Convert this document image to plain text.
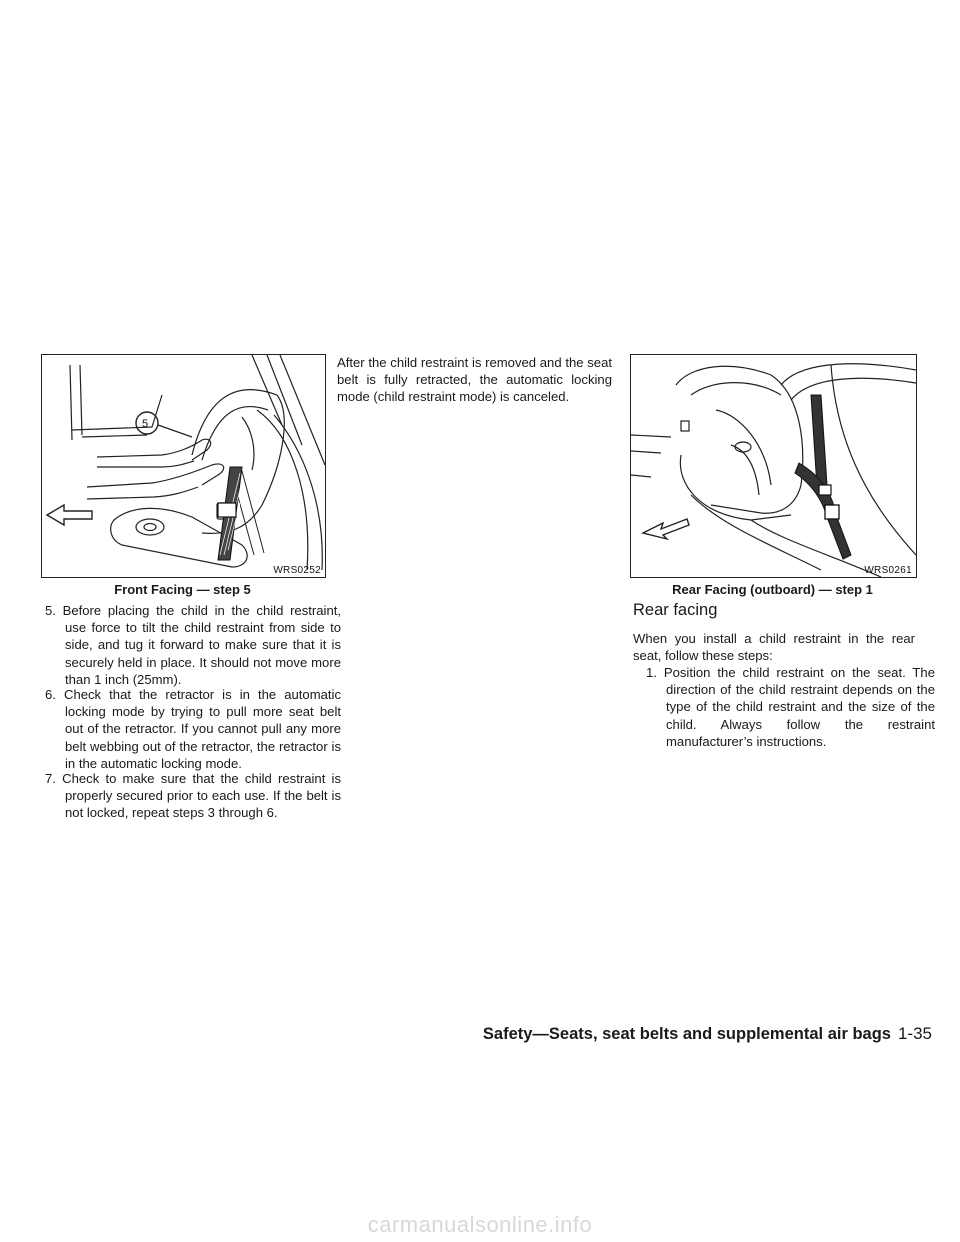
5
WRS0252
Front Facing — step 5
WRS0261
Rear Facing (outboard) — step 1
5. Before placing the child in the child restraint, use force to tilt the child restraint from side to side, and tug it forward to make sure that it is securely held in place. It should not move more than 1 inch (25mm).
6. Check that the retractor is in the automatic locking mode by trying to pull more seat belt out of the retractor. If you cannot pull any more belt webbing out of the retractor, the retractor is in the automatic locking mode.
7. Check to make sure that the child restraint is properly secured prior to each use. If the belt is not locked, repeat steps 3 through 6.
After the child restraint is removed and the seat belt is fully retracted, the automatic locking mode (child restraint mode) is canceled.
Rear facing
When you install a child restraint in the rear seat, follow these steps:
1. Position the child restraint on the seat. The direction of the child restraint depends on the type of the child restraint and the size of the child. Always follow the restraint manufacturer’s instructions.
Safety—Seats, seat belts and supplemental air bags 1-35
carmanualsonline.info
